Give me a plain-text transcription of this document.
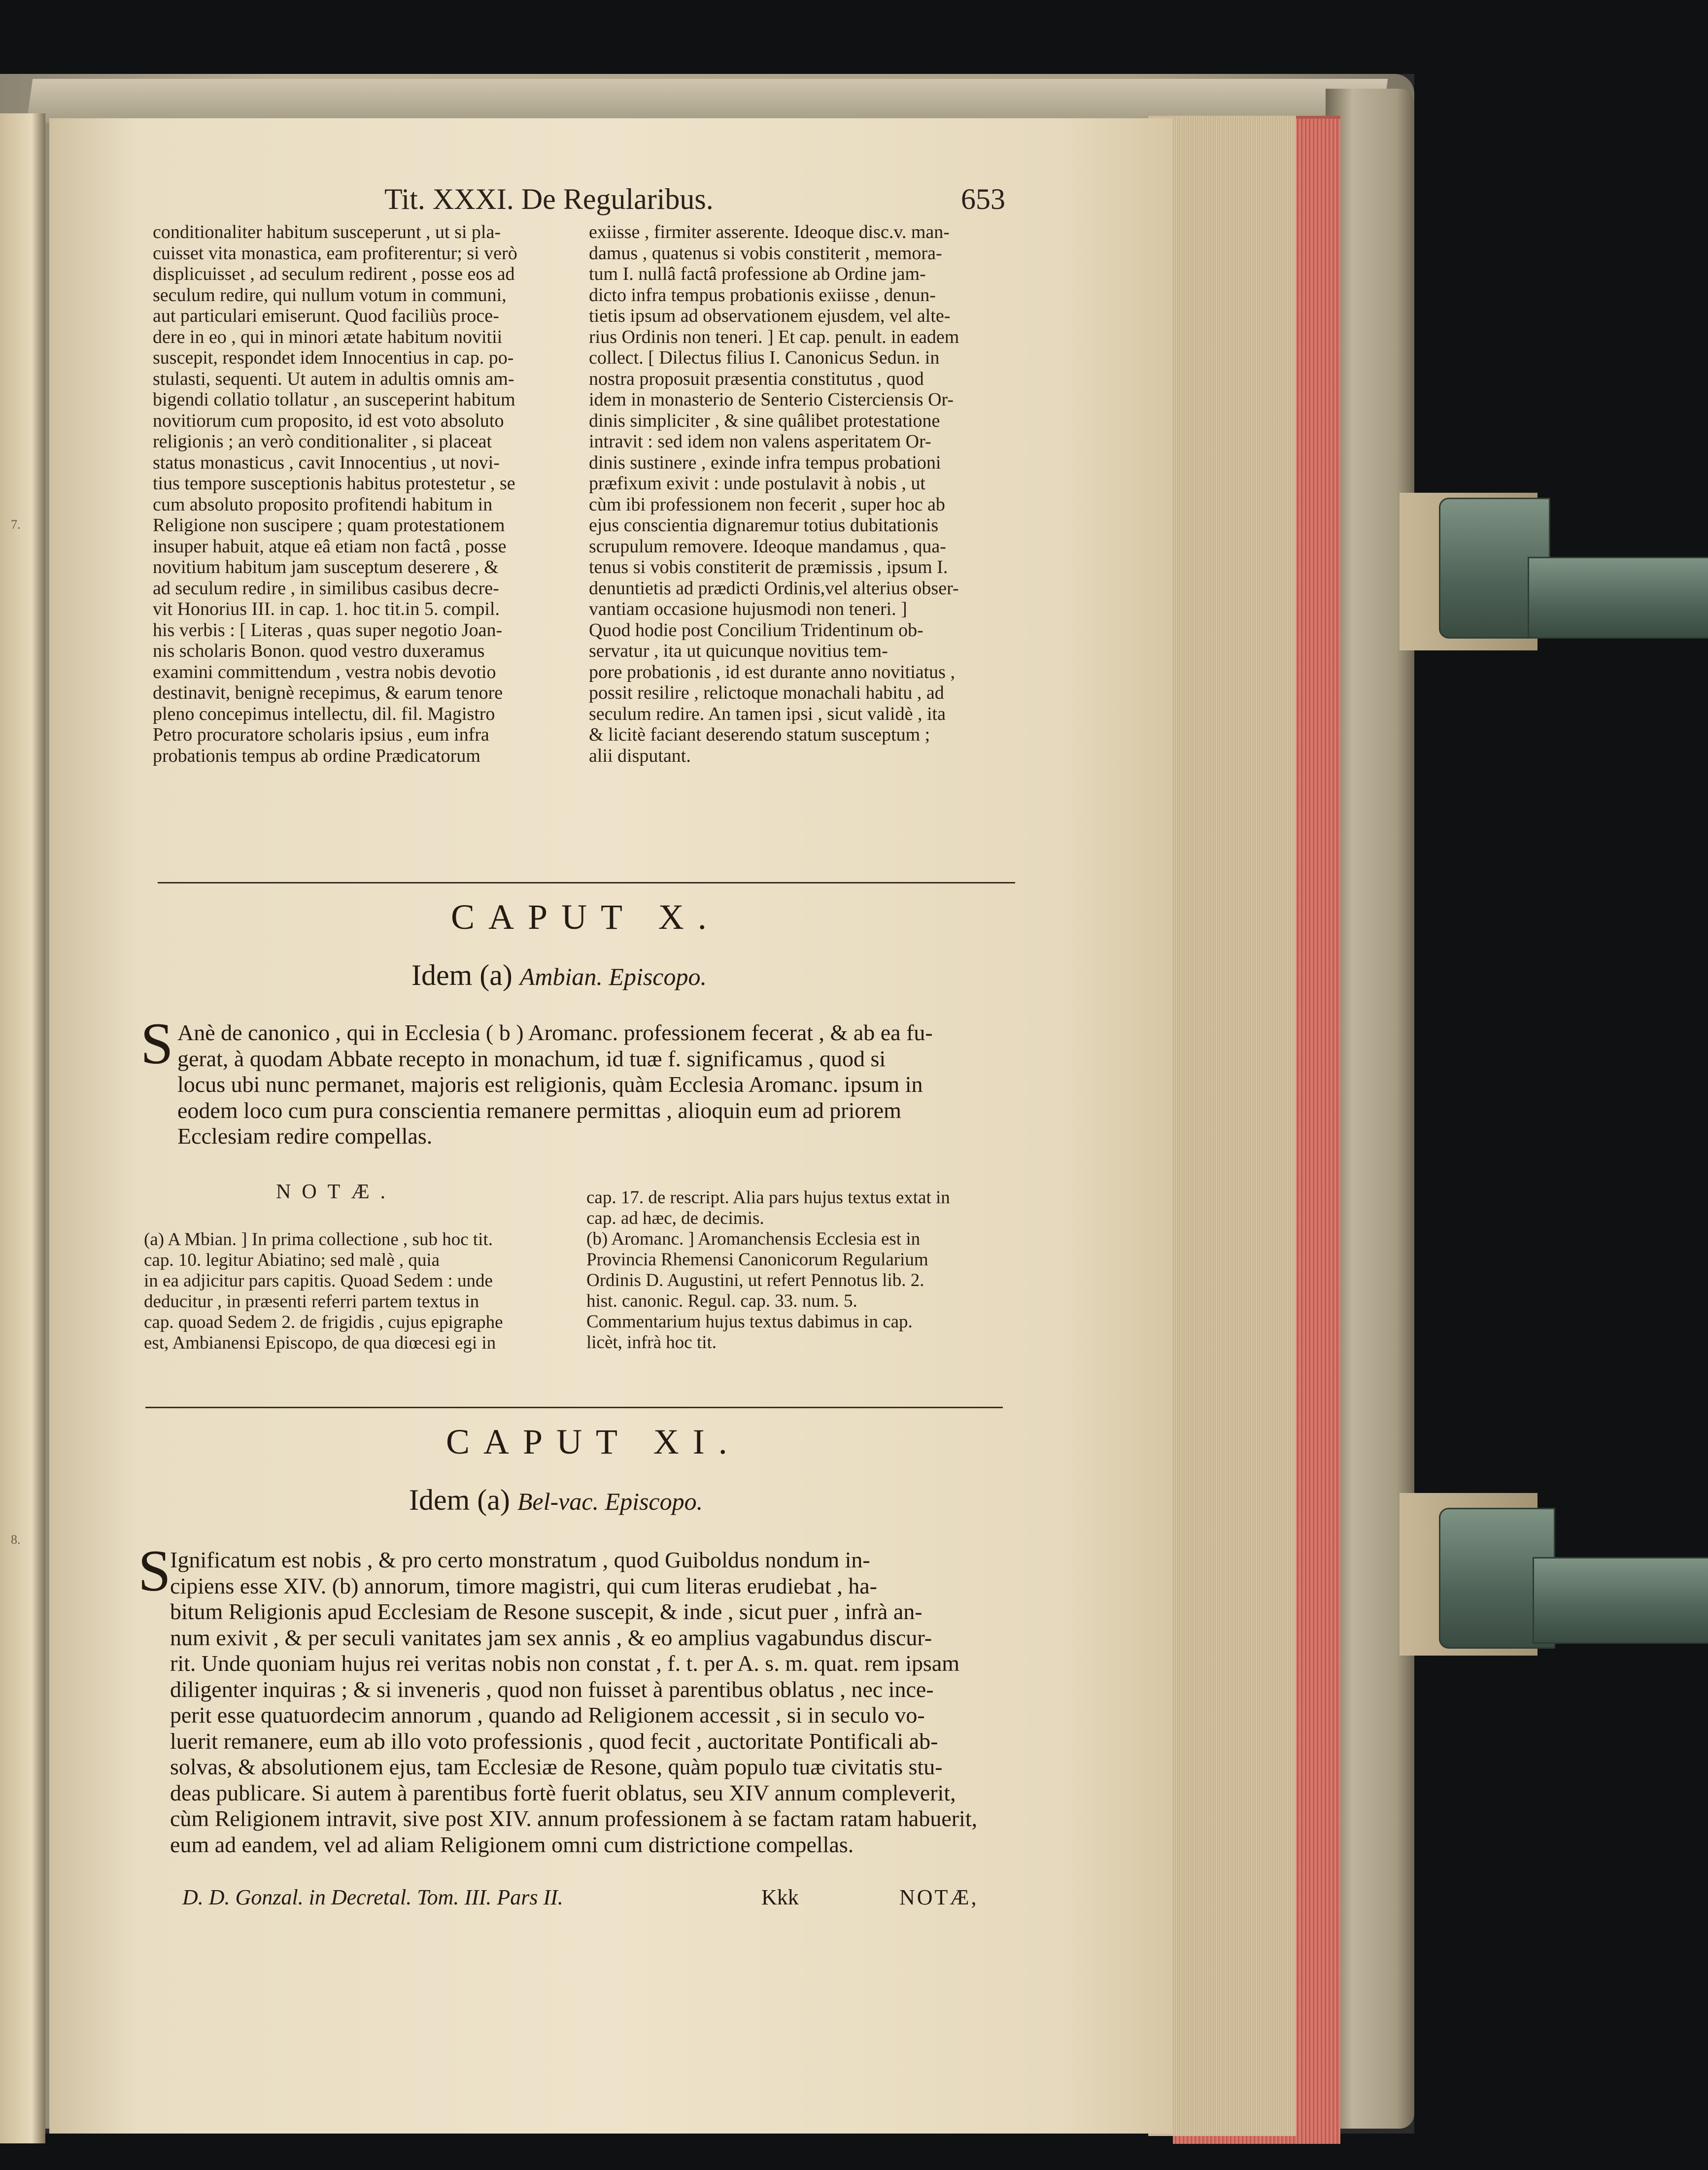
7.
8.
Tit. XXXI. De Regularibus.	653
conditionaliter habitum susceperunt , ut si pla-
cuisset vita monastica, eam profiterentur; si verò
displicuisset , ad seculum redirent , posse eos ad
seculum redire, qui nullum votum in communi,
aut particulari emiserunt. Quod faciliùs proce-
dere in eo , qui in minori ætate habitum novitii
suscepit, respondet idem Innocentius in cap. po-
stulasti, sequenti. Ut autem in adultis omnis am-
bigendi collatio tollatur , an susceperint habitum
novitiorum cum proposito, id est voto absoluto
religionis ; an verò conditionaliter , si placeat
status monasticus , cavit Innocentius , ut novi-
tius tempore susceptionis habitus protestetur , se
cum absoluto proposito profitendi habitum in
Religione non suscipere ; quam protestationem
insuper habuit, atque eâ etiam non factâ , posse
novitium habitum jam susceptum deserere , &
ad seculum redire , in similibus casibus decre-
vit Honorius III. in cap. 1. hoc tit.in 5. compil.
his verbis : [ Literas , quas super negotio Joan-
nis scholaris Bonon. quod vestro duxeramus
examini committendum , vestra nobis devotio
destinavit, benignè recepimus, & earum tenore
pleno concepimus intellectu, dil. fil. Magistro
Petro procuratore scholaris ipsius , eum infra
probationis tempus ab ordine Prædicatorum
exiisse , firmiter asserente. Ideoque disc.v. man-
damus , quatenus si vobis constiterit , memora-
tum I. nullâ factâ professione ab Ordine jam-
dicto infra tempus probationis exiisse , denun-
tietis ipsum ad observationem ejusdem, vel alte-
rius Ordinis non teneri. ] Et cap. penult. in eadem
collect. [ Dilectus filius I. Canonicus Sedun. in
nostra proposuit præsentia constitutus , quod
idem in monasterio de Senterio Cisterciensis Or-
dinis simpliciter , & sine quâlibet protestatione
intravit : sed idem non valens asperitatem Or-
dinis sustinere , exinde infra tempus probationi
præfixum exivit : unde postulavit à nobis , ut
cùm ibi professionem non fecerit , super hoc ab
ejus conscientia dignaremur totius dubitationis
scrupulum removere. Ideoque mandamus , qua-
tenus si vobis constiterit de præmissis , ipsum I.
denuntietis ad prædicti Ordinis,vel alterius obser-
vantiam occasione hujusmodi non teneri. ]
Quod hodie post Concilium Tridentinum ob-
servatur , ita ut quicunque novitius tem-
pore probationis , id est durante anno novitiatus ,
possit resilire , relictoque monachali habitu , ad
seculum redire. An tamen ipsi , sicut validè , ita
& licitè faciant deserendo statum susceptum ;
alii disputant.
CAPUT X.
Idem (a) Ambian. Episcopo.
S Anè de canonico , qui in Ecclesia ( b ) Aromanc. professionem fecerat , & ab ea fu-
gerat, à quodam Abbate recepto in monachum, id tuæ f. significamus , quod si
locus ubi nunc permanet, majoris est religionis, quàm Ecclesia Aromanc. ipsum in
eodem loco cum pura conscientia remanere permittas , alioquin eum ad priorem
Ecclesiam redire compellas.
NOTÆ.
(a) A Mbian. ] In prima collectione , sub hoc tit.
cap. 10. legitur Abiatino; sed malè , quia
in ea adjicitur pars capitis. Quoad Sedem : unde
deducitur , in præsenti referri partem textus in
cap. quoad Sedem 2. de frigidis , cujus epigraphe
est, Ambianensi Episcopo, de qua diœcesi egi in
cap. 17. de rescript. Alia pars hujus textus extat in
cap. ad hæc, de decimis.
(b) Aromanc. ] Aromanchensis Ecclesia est in
Provincia Rhemensi Canonicorum Regularium
Ordinis D. Augustini, ut refert Pennotus lib. 2.
hist. canonic. Regul. cap. 33. num. 5.
Commentarium hujus textus dabimus in cap.
licèt, infrà hoc tit.
CAPUT XI.
Idem (a) Bel-vac. Episcopo.
S
Ignificatum est nobis , & pro certo monstratum , quod Guiboldus nondum in-
cipiens esse XIV. (b) annorum, timore magistri, qui cum literas erudiebat , ha-
bitum Religionis apud Ecclesiam de Resone suscepit, & inde , sicut puer , infrà an-
num exivit , & per seculi vanitates jam sex annis , & eo amplius vagabundus discur-
rit. Unde quoniam hujus rei veritas nobis non constat , f. t. per A. s. m. quat. rem ipsam
diligenter inquiras ; & si inveneris , quod non fuisset à parentibus oblatus , nec ince-
perit esse quatuordecim annorum , quando ad Religionem accessit , si in seculo vo-
luerit remanere, eum ab illo voto professionis , quod fecit , auctoritate Pontificali ab-
solvas, & absolutionem ejus, tam Ecclesiæ de Resone, quàm populo tuæ civitatis stu-
deas publicare. Si autem à parentibus fortè fuerit oblatus, seu XIV annum compleverit,
cùm Religionem intravit, sive post XIV. annum professionem à se factam ratam habuerit,
eum ad eandem, vel ad aliam Religionem omni cum districtione compellas.
D. D. Gonzal. in Decretal. Tom. III. Pars II.	Kkk	NOTÆ,
